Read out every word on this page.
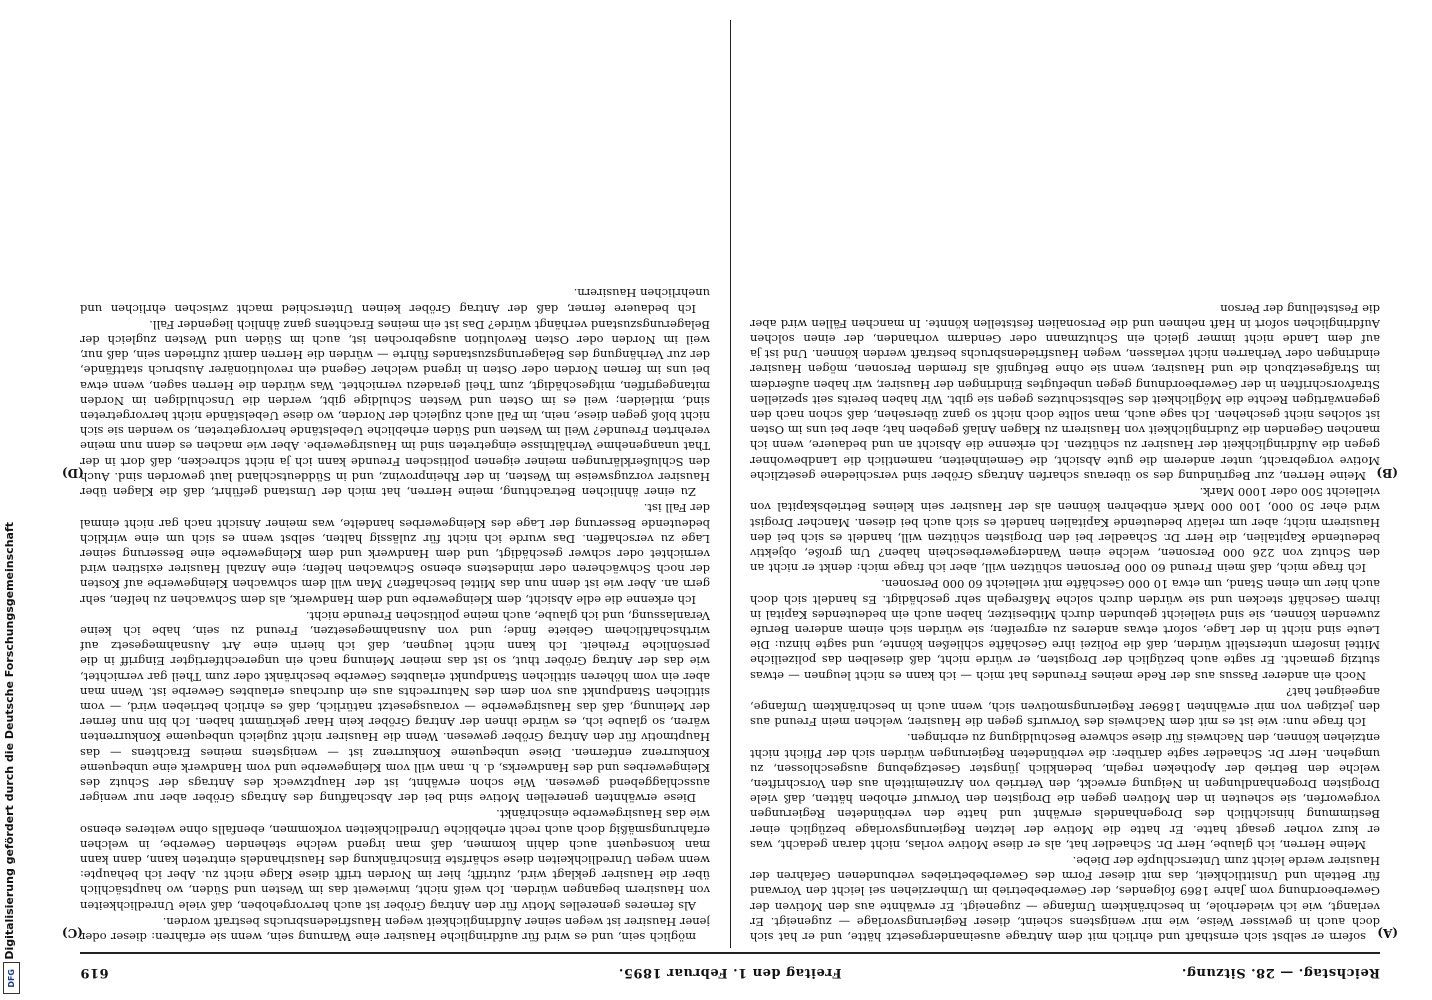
Digitalisierung gefördert durch die Deutsche Forschungsgemeinschaft
DFG	Reichstag. — 28. Sitzung.
Freitag den 1. Februar 1895.
619
(A)
(B)
(C)
(D)

sofern er selbst sich ernsthaft und ehrlich mit dem Antrage auseinandergesetzt hätte, und er hat sich doch auch in gewisser Weise, wie mir wenigstens scheint, dieser Regierungsvorlage — zugeneigt. Er verlangt, wie ich wiederhole, in beschränktem Umfange — zugeneigt. Er erwähnte aus den Motiven der Gewerbeordnung vom Jahre 1869 folgendes, der Gewerbebetrieb im Umherziehen sei leicht den Vorwand für Betteln und Unsittlichkeit, das mit dieser Form des Gewerbebetriebes verbundenen Gefahren der Hausirer werde leicht zum Unterschlupfe der Diebe.

Meine Herren, ich glaube, Herr Dr. Schaedler hat, als er diese Motive vorlas, nicht daran gedacht, was er kurz vorher gesagt hatte. Er hatte die Motive der letzten Regierungsvorlage bezüglich einer Bestimmung hinsichtlich des Drogenhandels erwähnt und hatte den verbündeten Regierungen vorgeworfen, sie scheuten in den Motiven gegen die Drogisten den Vorwurf erhoben hätten, daß viele Drogisten Drogenhandlungen in Neigung erweckt, den Vertrieb von Arzneimitteln aus den Vorschriften, welche den Betrieb der Apotheken regeln, bedenklich jüngster Gesetzgebung ausgeschlossen, zu umgehen. Herr Dr. Schaedler sagte darüber: die verbündeten Regierungen würden sich der Pflicht nicht entziehen können, den Nachweis für diese schwere Beschuldigung zu erbringen.

Ich frage nun: wie ist es mit dem Nachweis des Vorwurfs gegen die Hausirer, welchen mein Freund aus den jetzigen von mir erwähnten 1869er Regierungsmotiven sich, wenn auch in beschränktem Umfange, angeeignet hat?

Noch ein anderer Passus aus der Rede meines Freundes hat mich — ich kann es nicht leugnen — etwas stutzig gemacht. Er sagte auch bezüglich der Drogisten, er würde nicht, daß dieselben das polizeiliche Mittel insofern unterstellt würden, daß die Polizei ihre Geschäfte schließen könnte, und sagte hinzu: Die Leute sind nicht in der Lage, sofort etwas anderes zu ergreifen; sie würden sich einem anderen Berufe zuwenden können, sie sind vielleicht gebunden durch Mitbesitzer, haben auch ein bedeutendes Kapital in ihrem Geschäft stecken und sie würden durch solche Maßregeln sehr geschädigt. Es handelt sich doch auch hier um einen Stand, um etwa 10 000 Geschäfte mit vielleicht 60 000 Personen.

Ich frage mich, daß mein Freund 60 000 Personen schützen will, aber ich frage mich: denkt er nicht an den Schutz von 226 000 Personen, welche einen Wandergewerbeschein haben? Um große, objektiv bedeutende Kapitalien, die Herr Dr. Schaedler bei den Drogisten schützen will, handelt es sich bei den Hausirern nicht; aber um relativ bedeutende Kapitalien handelt es sich auch bei diesen. Mancher Drogist wird eher 50 000, 100 000 Mark entbehren können als der Hausirer sein kleines Betriebskapital von vielleicht 500 oder 1000 Mark.

Meine Herren, zur Begründung des so überaus scharfen Antrags Gröber sind verschiedene gesetzliche Motive vorgebracht, unter anderem die gute Absicht, die Gemeinheiten, namentlich die Landbewohner gegen die Aufdringlichkeit der Hausirer zu schützen. Ich erkenne die Absicht an und bedauere, wenn ich manchen Gegenden die Zudringlichkeit von Hausirern zu Klagen Anlaß gegeben hat; aber bei uns im Osten ist solches nicht geschehen. Ich sage auch, man sollte doch nicht so ganz übersehen, daß schon nach den gegenwärtigen Rechte die Möglichkeit des Selbstschutzes gegen sie gibt. Wir haben bereits seit speziellen Strafvorschriften in der Gewerbeordnung gegen unbefugtes Eindringen der Hausirer, wir haben außerdem im Strafgesetzbuch die und Hausirer, wenn sie ohne Befugniß als fremden Personen, mögen Hausirer eindringen oder Verharren nicht verlassen, wegen Hausfriedensbruchs bestraft werden können. Und ist ja auf dem Lande nicht immer gleich ein Schutzmann oder Gendarm vorhanden, der einen solchen Aufdringlichen sofort in Haft nehmen und die Personalien feststellen könnte. In manchen Fällen wird aber die Feststellung der Person

möglich sein, und es wird für aufdringliche Hausirer eine Warnung sein, wenn sie erfahren: dieser oder jener Hausirer ist wegen seiner Aufdringlichkeit wegen Hausfriedensbruchs bestraft worden.

Als ferneres generelles Motiv für den Antrag Gröber ist auch hervorgehoben, daß viele Unredlichkeiten von Hausirern begangen würden. Ich weiß nicht, inwieweit das im Westen und Süden, wo hauptsächlich über die Hausirer geklagt wird, zutrifft; hier im Norden trifft diese Klage nicht zu. Aber ich behaupte: wenn wegen Unredlichkeiten diese schärfste Einschränkung des Hausirhandels eintreten kann, dann kann man konsequent auch dahin kommen, daß man irgend welche stehenden Gewerbe, in welchen erfahrungsmäßig doch auch recht erhebliche Unredlichkeiten vorkommen, ebenfalls ohne weiteres ebenso wie das Hausirgewerbe einschränkt.

Diese erwähnten generellen Motive sind bei der Abschaffung des Antrags Gröber aber nur weniger ausschlaggebend gewesen. Wie schon erwähnt, ist der Hauptzweck des Antrags der Schutz des Kleingewerbes und des Handwerks, d. h. man will vom Kleingewerbe und vom Handwerk eine unbequeme Konkurrenz entfernen. Diese unbequeme Konkurrenz ist — wenigstens meines Erachtens — das Hauptmotiv für den Antrag Gröber gewesen. Wenn die Hausirer nicht zugleich unbequeme Konkurrenten wären, so glaube ich, es würde ihnen der Antrag Gröber kein Haar gekrümmt haben. Ich bin nun ferner der Meinung, daß das Hausirgewerbe — vorausgesetzt natürlich, daß es ehrlich betrieben wird, — vom sittlichen Standpunkt aus von dem des Naturrechts aus ein durchaus erlaubtes Gewerbe ist. Wenn man aber ein vom höheren sittlichen Standpunkt erlaubtes Gewerbe beschränkt oder zum Theil gar vernichtet, wie das der Antrag Gröber thut, so ist das meiner Meinung nach ein ungerechtfertigter Eingriff in die persönliche Freiheit. Ich kann nicht leugnen, daß ich hierin eine Art Ausnahmegesetz auf wirthschaftlichem Gebiete finde; und von Ausnahmegesetzen, Freund zu sein, habe ich keine Veranlassung, und ich glaube, auch meine politischen Freunde nicht.

Ich erkenne die edle Absicht, dem Kleingewerbe und dem Handwerk, als dem Schwachen zu helfen, sehr gern an. Aber wie ist denn nun das Mittel beschaffen? Man will dem schwachen Kleingewerbe auf Kosten der noch Schwächeren oder mindestens ebenso Schwachen helfen; eine Anzahl Hausirer existiren wird vernichtet oder schwer geschädigt, und dem Handwerk und dem Kleingewerbe eine Besserung seiner Lage zu verschaffen. Das wurde ich nicht für zulässig halten, selbst wenn es sich um eine wirklich bedeutende Besserung der Lage des Kleingewerbes handelte, was meiner Ansicht nach gar nicht einmal der Fall ist.

Zu einer ähnlichen Betrachtung, meine Herren, hat mich der Umstand geführt, daß die Klagen über Hausirer vorzugsweise im Westen, in der Rheinprovinz, und in Süddeutschland laut geworden sind. Auch den Schlußerklärungen meiner eigenen politischen Freunde kann ich ja nicht schrecken, daß dort in der That unangenehme Verhältnisse eingetreten sind im Hausirgewerbe. Aber wie machen es denn nun meine verehrten Freunde? Weil im Westen und Süden erhebliche Uebelstände hervorgetreten, so wenden sie sich nicht bloß gegen diese, nein, im Fall auch zugleich der Norden, wo diese Uebelstände nicht hervorgetreten sind, mitleiden; weil es im Osten und Westen Schuldige gibt, werden die Unschuldigen im Norden mitangegriffen, mitgeschädigt, zum Theil geradezu vernichtet. Was würden die Herren sagen, wenn etwa bei uns im fernen Norden oder Osten in irgend welcher Gegend ein revolutionärer Ausbruch stattfände, der zur Verhängung des Belagerungszustandes führte — würden die Herren damit zufrieden sein, daß nur, weil im Norden oder Osten Revolution ausgebrochen ist, auch im Süden und Westen zugleich der Belagerungszustand verhängt würde? Das ist ein meines Erachtens ganz ähnlich liegender Fall.

Ich bedauere ferner, daß der Antrag Gröber keinen Unterschied macht zwischen ehrlichen und unehrlichen Hausirern.
